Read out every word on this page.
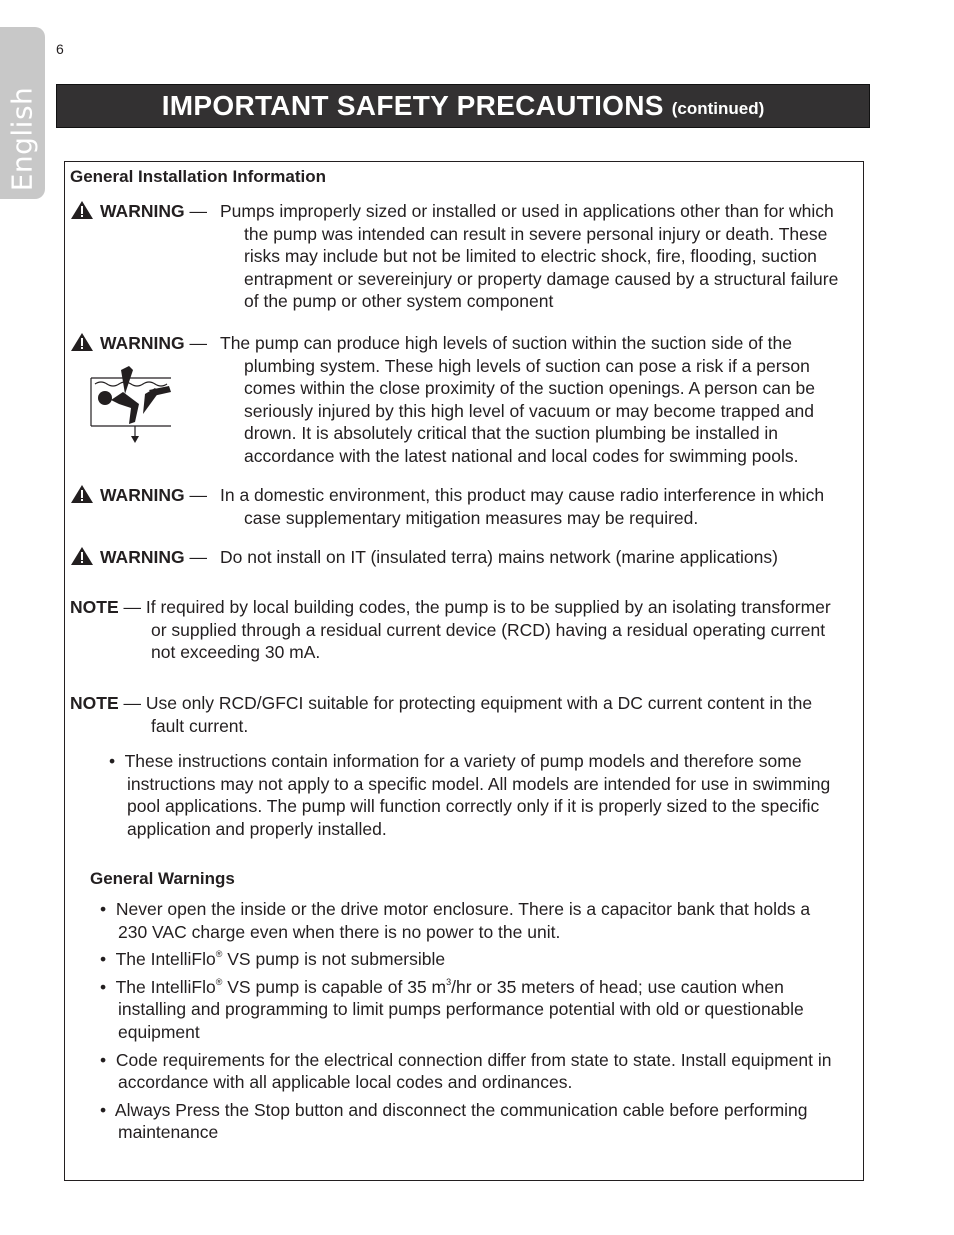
English
6
IMPORTANT SAFETY PRECAUTIONS (continued)
General Installation Information
WARNING — Pumps improperly sized or installed or used in applications other than for which the pump was intended can result in severe personal injury or death. These risks may include but not be limited to electric shock, fire, flooding, suction entrapment or severeinjury or property damage caused by a structural failure of the pump or other system component
WARNING — The pump can produce high levels of suction within the suction side of the plumbing system. These high levels of suction can pose a risk if a person comes within the close proximity of the suction openings. A person can be seriously injured by this high level of vacuum or may become trapped and drown. It is absolutely critical that the suction plumbing be installed in accordance with the latest national and local codes for swimming pools.
WARNING — In a domestic environment, this product may cause radio interference in which case supplementary mitigation measures may be required.
WARNING — Do not install on IT (insulated terra) mains network (marine applications)
NOTE — If required by local building codes, the pump is to be supplied by an isolating transformer or supplied through a residual current device (RCD) having a residual operating current not exceeding 30 mA.
NOTE — Use only RCD/GFCI suitable for protecting equipment with a DC current content in the fault current.
• These instructions contain information for a variety of pump models and therefore some instructions may not apply to a specific model. All models are intended for use in swimming pool applications. The pump will function correctly only if it is properly sized to the specific application and properly installed.
General Warnings
• Never open the inside or the drive motor enclosure. There is a capacitor bank that holds a 230 VAC charge even when there is no power to the unit.
• The IntelliFlo® VS pump is not submersible
• The IntelliFlo® VS pump is capable of 35 $m^3/hr$ or 35 meters of head; use caution when installing and programming to limit pumps performance potential with old or questionable equipment
• Code requirements for the electrical connection differ from state to state. Install equipment in accordance with all applicable local codes and ordinances.
• Always Press the Stop button and disconnect the communication cable before performing maintenance
